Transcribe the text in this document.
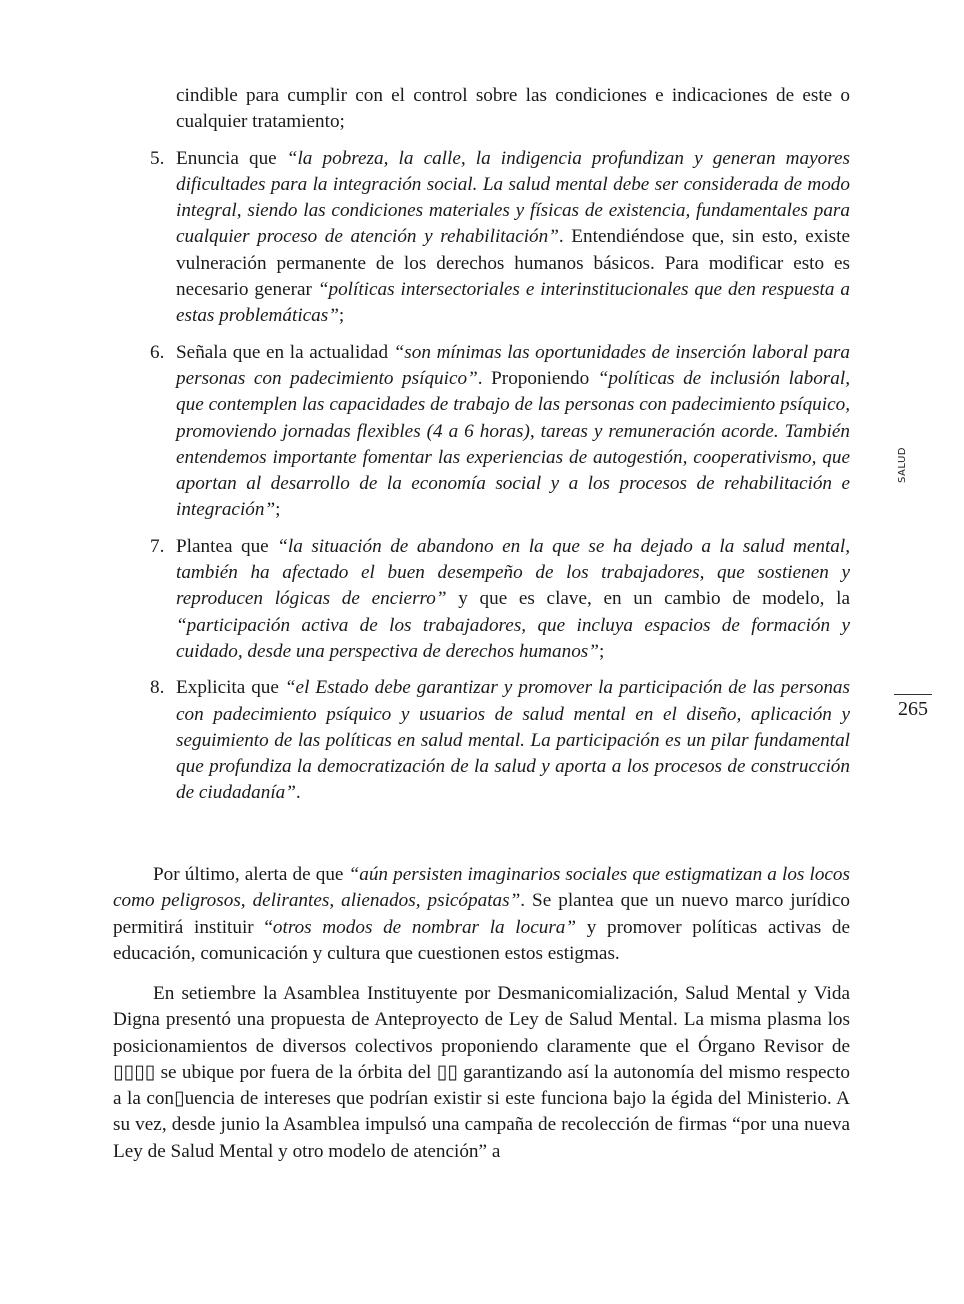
cindible para cumplir con el control sobre las condiciones e indicaciones de este o cualquier tratamiento;
5. Enuncia que “la pobreza, la calle, la indigencia profundizan y generan mayores dificultades para la integración social. La salud mental debe ser considerada de modo integral, siendo las condiciones materiales y físicas de existencia, fundamentales para cualquier proceso de atención y rehabilitación”. Entendiéndose que, sin esto, existe vulneración permanente de los derechos humanos básicos. Para modificar esto es necesario generar “políticas intersectoriales e interinstitucionales que den respuesta a estas problemáticas”;
6. Señala que en la actualidad “son mínimas las oportunidades de inserción laboral para personas con padecimiento psíquico”. Proponiendo “políticas de inclusión laboral, que contemplen las capacidades de trabajo de las personas con padecimiento psíquico, promoviendo jornadas flexibles (4 a 6 horas), tareas y remuneración acorde. También entendemos importante fomentar las experiencias de autogestión, cooperativismo, que aportan al desarrollo de la economía social y a los procesos de rehabilitación e integración”;
7. Plantea que “la situación de abandono en la que se ha dejado a la salud mental, también ha afectado el buen desempeño de los trabajadores, que sostienen y reproducen lógicas de encierro” y que es clave, en un cambio de modelo, la “participación activa de los trabajadores, que incluya espacios de formación y cuidado, desde una perspectiva de derechos humanos”;
8. Explicita que “el Estado debe garantizar y promover la participación de las personas con padecimiento psíquico y usuarios de salud mental en el diseño, aplicación y seguimiento de las políticas en salud mental. La participación es un pilar fundamental que profundiza la democratización de la salud y aporta a los procesos de construcción de ciudadanía”.
Por último, alerta de que “aún persisten imaginarios sociales que estigmatizan a los locos como peligrosos, delirantes, alienados, psicópatas”. Se plantea que un nuevo marco jurídico permitirá instituir “otros modos de nombrar la locura” y promover políticas activas de educación, comunicación y cultura que cuestionen estos estigmas.
En setiembre la Asamblea Instituyente por Desmanicomialización, Salud Mental y Vida Digna presentó una propuesta de Anteproyecto de Ley de Salud Mental. La misma plasma los posicionamientos de diversos colectivos proponiendo claramente que el Órgano Revisor de ▯▯▯▯ se ubique por fuera de la órbita del ▯▯ garantizando así la autonomía del mismo respecto a la con▯uencia de intereses que podrían existir si este funciona bajo la égida del Ministerio. A su vez, desde junio la Asamblea impulsó una campaña de recolección de firmas “por una nueva Ley de Salud Mental y otro modelo de atención” a
SALUD
265
